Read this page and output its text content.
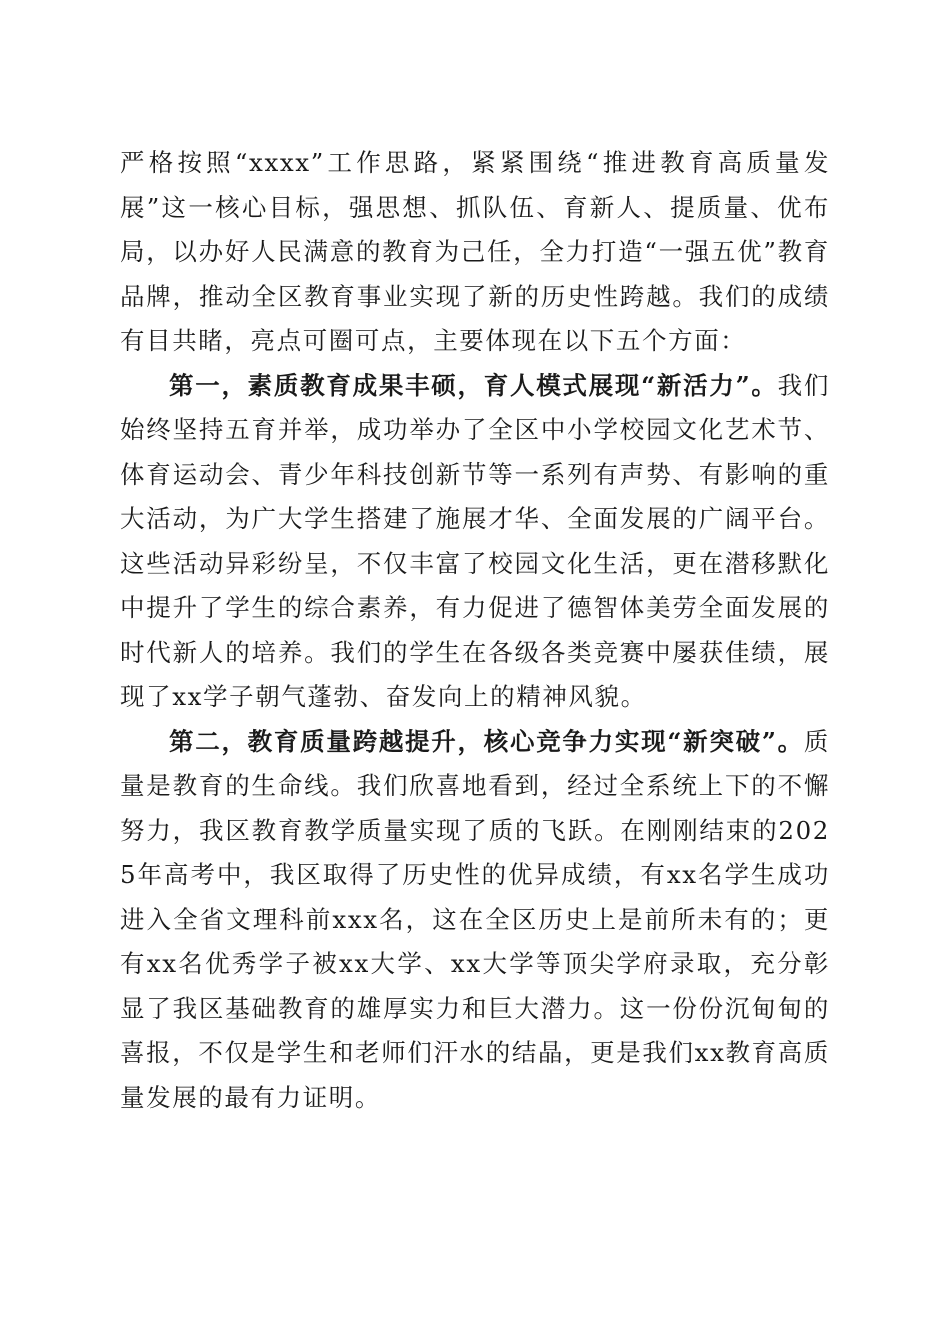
严格按照“xxxx”工作思路，紧紧围绕“推进教育高质量发展”这一核心目标，强思想、抓队伍、育新人、提质量、优布局，以办好人民满意的教育为己任，全力打造“一强五优”教育品牌，推动全区教育事业实现了新的历史性跨越。我们的成绩有目共睹，亮点可圈可点，主要体现在以下五个方面：

第一，素质教育成果丰硕，育人模式展现“新活力”。我们始终坚持五育并举，成功举办了全区中小学校园文化艺术节、体育运动会、青少年科技创新节等一系列有声势、有影响的重大活动，为广大学生搭建了施展才华、全面发展的广阔平台。这些活动异彩纷呈，不仅丰富了校园文化生活，更在潜移默化中提升了学生的综合素养，有力促进了德智体美劳全面发展的时代新人的培养。我们的学生在各级各类竞赛中屡获佳绩，展现了xx学子朝气蓬勃、奋发向上的精神风貌。

第二，教育质量跨越提升，核心竞争力实现“新突破”。质量是教育的生命线。我们欣喜地看到，经过全系统上下的不懈努力，我区教育教学质量实现了质的飞跃。在刚刚结束的2025年高考中，我区取得了历史性的优异成绩，有xx名学生成功进入全省文理科前xxx名，这在全区历史上是前所未有的；更有xx名优秀学子被xx大学、xx大学等顶尖学府录取，充分彰显了我区基础教育的雄厚实力和巨大潜力。这一份份沉甸甸的喜报，不仅是学生和老师们汗水的结晶，更是我们xx教育高质量发展的最有力证明。
